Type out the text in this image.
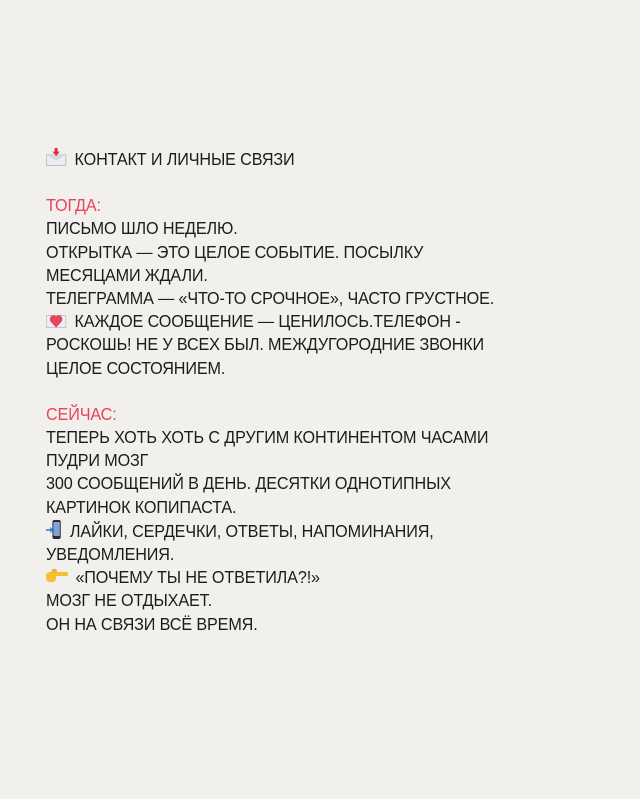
КОНТАКТ И ЛИЧНЫЕ СВЯЗИ
ТОГДА:
ПИСЬМО ШЛО НЕДЕЛЮ.
ОТКРЫТКА — ЭТО ЦЕЛОЕ СОБЫТИЕ. ПОСЫЛКУ
МЕСЯЦАМИ ЖДАЛИ.
ТЕЛЕГРАММА — «ЧТО-ТО СРОЧНОЕ», ЧАСТО ГРУСТНОЕ.
КАЖДОЕ СООБЩЕНИЕ — ЦЕНИЛОСЬ.ТЕЛЕФОН -
РОСКОШЬ! НЕ У ВСЕХ БЫЛ. МЕЖДУГОРОДНИЕ ЗВОНКИ
ЦЕЛОЕ СОСТОЯНИЕМ.
СЕЙЧАС:
ТЕПЕРЬ ХОТЬ ХОТЬ С ДРУГИМ КОНТИНЕНТОМ ЧАСАМИ
ПУДРИ МОЗГ
300 СООБЩЕНИЙ В ДЕНЬ. ДЕСЯТКИ ОДНОТИПНЫХ
КАРТИНОК КОПИПАСТА.
ЛАЙКИ, СЕРДЕЧКИ, ОТВЕТЫ, НАПОМИНАНИЯ,
УВЕДОМЛЕНИЯ.
«ПОЧЕМУ ТЫ НЕ ОТВЕТИЛА?!»
МОЗГ НЕ ОТДЫХАЕТ.
ОН НА СВЯЗИ ВСЁ ВРЕМЯ.
